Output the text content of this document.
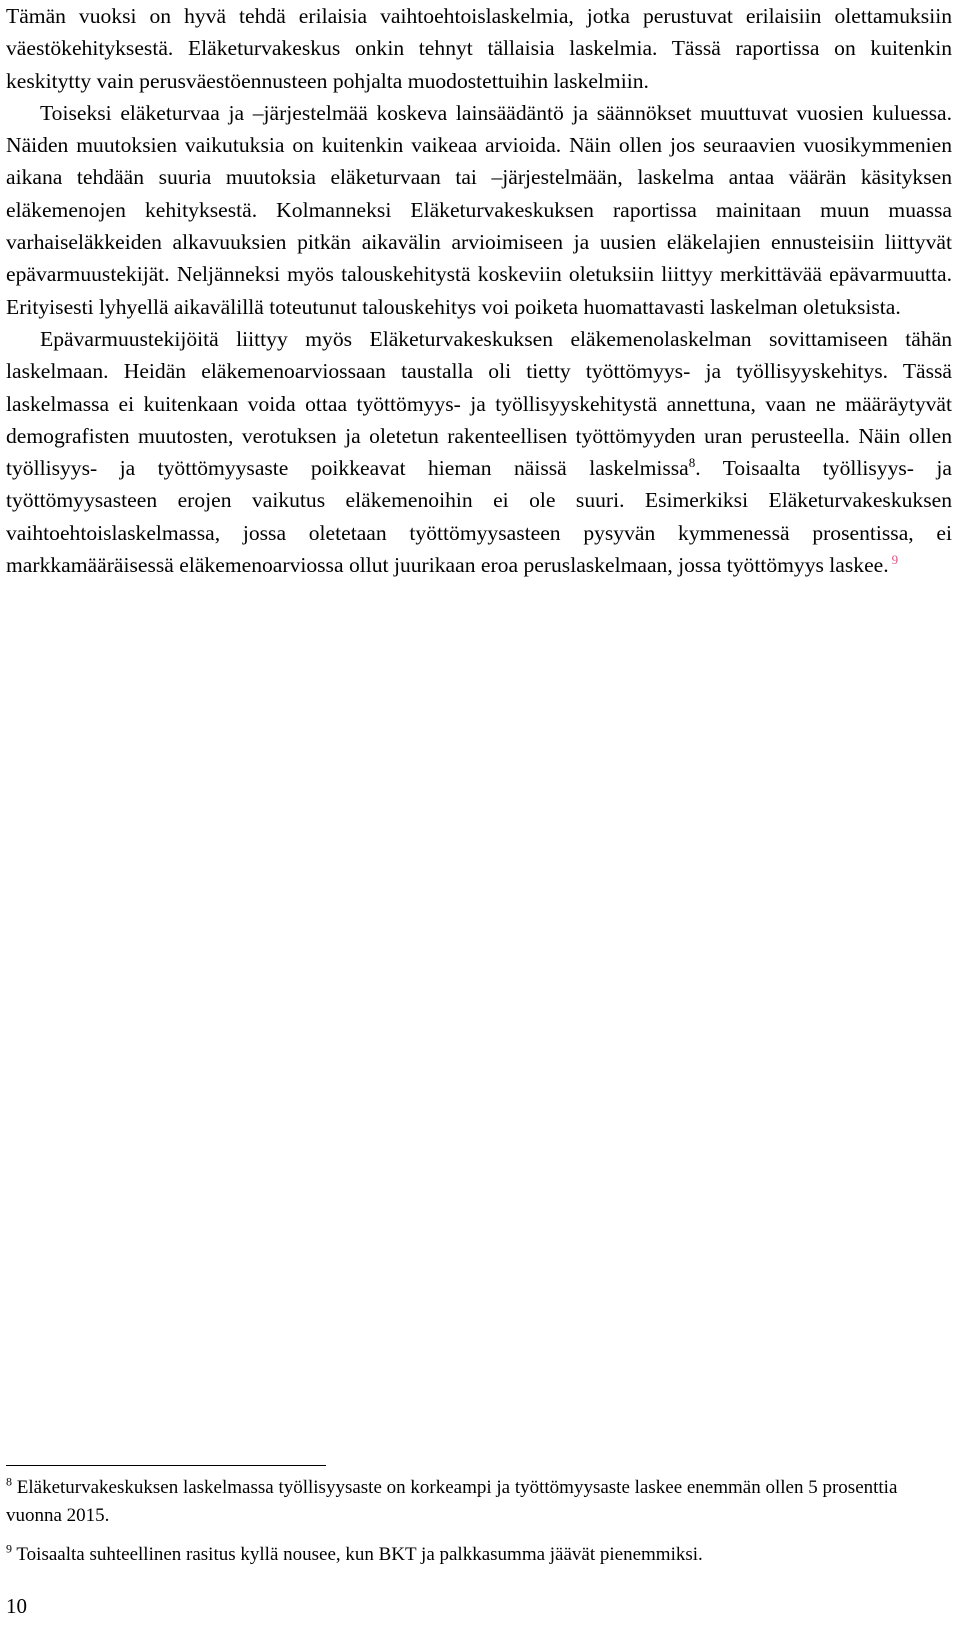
Tämän vuoksi on hyvä tehdä erilaisia vaihtoehtoislaskelmia, jotka perustuvat erilaisiin olettamuksiin väestökehityksestä. Eläketurvakeskus onkin tehnyt tällaisia laskelmia. Tässä raportissa on kuitenkin keskitytty vain perusväestöennusteen pohjalta muodostettuihin laskelmiin.

Toiseksi eläketurvaa ja –järjestelmää koskeva lainsäädäntö ja säännökset muuttuvat vuosien kuluessa. Näiden muutoksien vaikutuksia on kuitenkin vaikeaa arvioida. Näin ollen jos seuraavien vuosikymmenien aikana tehdään suuria muutoksia eläketurvaan tai –järjestelmään, laskelma antaa väärän käsityksen eläkemenojen kehityksestä. Kolmanneksi Eläketurvakeskuksen raportissa mainitaan muun muassa varhaiseläkkeiden alkavuuksien pitkän aikavälin arvioimiseen ja uusien eläkelajien ennusteisiin liittyvät epävarmuustekijät. Neljänneksi myös talouskehitystä koskeviin oletuksiin liittyy merkittävää epävarmuutta. Erityisesti lyhyellä aikavälillä toteutunut talouskehitys voi poiketa huomattavasti laskelman oletuksista.

Epävarmuustekijöitä liittyy myös Eläketurvakeskuksen eläkemenolaskelman sovittamiseen tähän laskelmaan. Heidän eläkemenoarviossaan taustalla oli tietty työttömyys- ja työllisyyskehitys. Tässä laskelmassa ei kuitenkaan voida ottaa työttömyys- ja työllisyyskehitystä annettuna, vaan ne määräytyvät demografisten muutosten, verotuksen ja oletetun rakenteellisen työttömyyden uran perusteella. Näin ollen työllisyys- ja työttömyysaste poikkeavat hieman näissä laskelmissa$^8$. Toisaalta työllisyys- ja työttömyysasteen erojen vaikutus eläkemenoihin ei ole suuri. Esimerkiksi Eläketurvakeskuksen vaihtoehtoislaskelmassa, jossa oletetaan työttömyysasteen pysyvän kymmenessä prosentissa, ei markkamääräisessä eläkemenoarviossa ollut juurikaan eroa peruslaskelmaan, jossa työttömyys laskee. $^9$

$^8$ Eläketurvakeskuksen laskelmassa työllisyysaste on korkeampi ja työttömyysaste laskee enemmän ollen 5 prosenttia vuonna 2015.

$^9$ Toisaalta suhteellinen rasitus kyllä nousee, kun BKT ja palkkasumma jäävät pienemmiksi.

10
